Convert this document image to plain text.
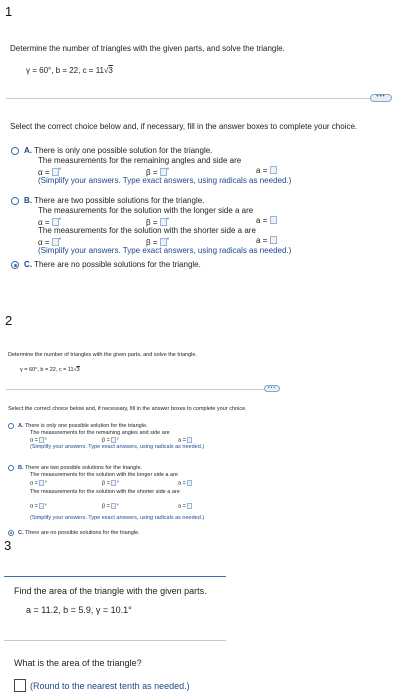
1
Determine the number of triangles with the given parts, and solve the triangle.
γ = 60°, b = 22, c = 11√3
•••
Select the correct choice below and, if necessary, fill in the answer boxes to complete your choice.
A. There is only one possible solution for the triangle.
The measurements for the remaining angles and side are
α = °	β = °	a =
(Simplify your answers. Type exact answers, using radicals as needed.)
B. There are two possible solutions for the triangle.
The measurements for the solution with the longer side a are
α = °	β = °	a =
The measurements for the solution with the shorter side a are
α = °	β = °	a =
(Simplify your answers. Type exact answers, using radicals as needed.)
C. There are no possible solutions for the triangle.
2
Determine the number of triangles with the given parts, and solve the triangle.
γ = 60°, b = 22, c = 11√3
•••
Select the correct choice below and, if necessary, fill in the answer boxes to complete your choice.
A. There is only one possible solution for the triangle.
The measurements for the remaining angles and side are
α = °	β = °	a =
(Simplify your answers. Type exact answers, using radicals as needed.)
B. There are two possible solutions for the triangle.
The measurements for the solution with the longer side a are
α = °	β = °	a =
The measurements for the solution with the shorter side a are
α = °	β = °	a =
(Simplify your answers. Type exact answers, using radicals as needed.)
C. There are no possible solutions for the triangle.
3
Find the area of the triangle with the given parts.
a = 11.2, b = 5.9, γ = 10.1°
What is the area of the triangle?
(Round to the nearest tenth as needed.)
